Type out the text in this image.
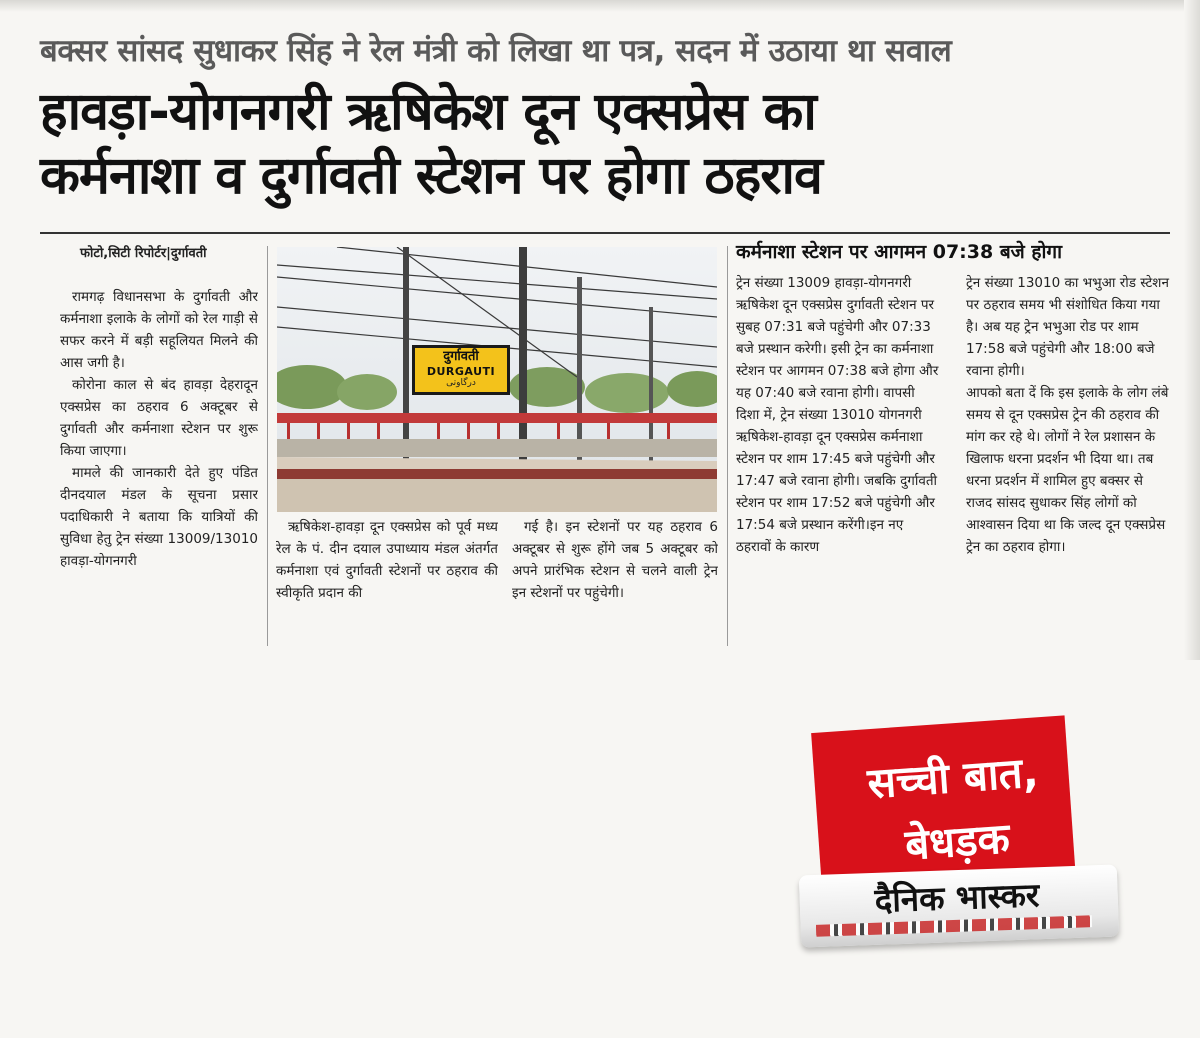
बक्सर सांसद सुधाकर सिंह ने रेल मंत्री को लिखा था पत्र, सदन में उठाया था सवाल
हावड़ा-योगनगरी ऋषिकेश दून एक्सप्रेस का
कर्मनाशा व दुर्गावती स्टेशन पर होगा ठहराव
फोटो,सिटी रिपोर्टर|दुर्गावती
दुर्गावती
DURGAUTI
درگاوتی

रामगढ़ विधानसभा के दुर्गावती और कर्मनाशा इलाके के लोगों को रेल गाड़ी से सफर करने में बड़ी सहूलियत मिलने की आस जगी है।

कोरोना काल से बंद हावड़ा देहरादून एक्सप्रेस का ठहराव 6 अक्टूबर से दुर्गावती और कर्मनाशा स्टेशन पर शुरू किया जाएगा।

मामले की जानकारी देते हुए पंडित दीनदयाल मंडल के सूचना प्रसार पदाधिकारी ने बताया कि यात्रियों की सुविधा हेतु ट्रेन संख्या 13009/13010 हावड़ा-योगनगरी

ऋषिकेश-हावड़ा दून एक्सप्रेस को पूर्व मध्य रेल के पं. दीन दयाल उपाध्याय मंडल अंतर्गत कर्मनाशा एवं दुर्गावती स्टेशनों पर ठहराव की स्वीकृति प्रदान की

गई है। इन स्टेशनों पर यह ठहराव 6 अक्टूबर से शुरू होंगे जब 5 अक्टूबर को अपने प्रारंभिक स्टेशन से चलने वाली ट्रेन इन स्टेशनों पर पहुंचेगी।

कर्मनाशा स्टेशन पर आगमन 07:38 बजे होगा

ट्रेन संख्या 13009 हावड़ा-योगनगरी ऋषिकेश दून एक्सप्रेस दुर्गावती स्टेशन पर सुबह 07:31 बजे पहुंचेगी और 07:33 बजे प्रस्थान करेगी। इसी ट्रेन का कर्मनाशा स्टेशन पर आगमन 07:38 बजे होगा और यह 07:40 बजे रवाना होगी। वापसी दिशा में, ट्रेन संख्या 13010 योगनगरी ऋषिकेश-हावड़ा दून एक्सप्रेस कर्मनाशा स्टेशन पर शाम 17:45 बजे पहुंचेगी और 17:47 बजे रवाना होगी। जबकि दुर्गावती स्टेशन पर शाम 17:52 बजे पहुंचेगी और 17:54 बजे प्रस्थान करेंगी।इन नए ठहरावों के कारण

ट्रेन संख्या 13010 का भभुआ रोड स्टेशन पर ठहराव समय भी संशोधित किया गया है। अब यह ट्रेन भभुआ रोड पर शाम 17:58 बजे पहुंचेगी और 18:00 बजे रवाना होगी।

आपको बता दें कि इस इलाके के लोग लंबे समय से दून एक्सप्रेस ट्रेन की ठहराव की मांग कर रहे थे। लोगों ने रेल प्रशासन के खिलाफ धरना प्रदर्शन भी दिया था। तब धरना प्रदर्शन में शामिल हुए बक्सर से राजद सांसद सुधाकर सिंह लोगों को आश्वासन दिया था कि जल्द दून एक्सप्रेस ट्रेन का ठहराव होगा।

सच्ची बात,
बेधड़क
दैनिक भास्कर
